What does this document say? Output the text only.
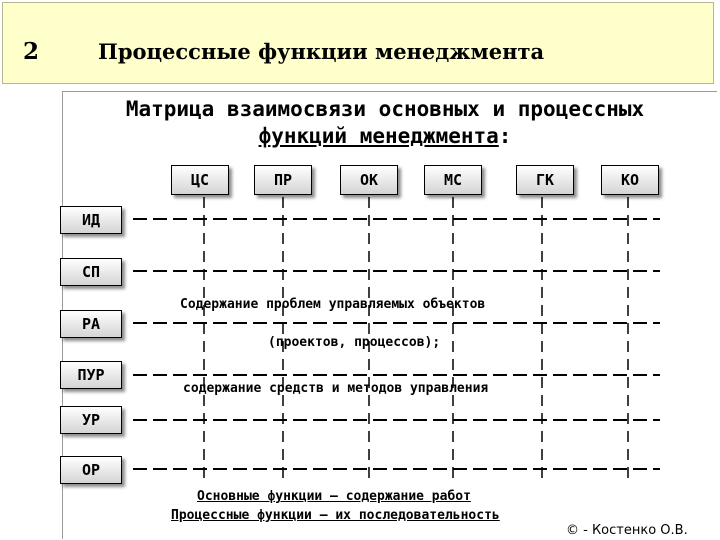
2	Процессные функции менеджмента
Матрица взаимосвязи основных и процессных
функций менеджмента:
ЦС	ПР	ОК	МС	ГК	КО
ИД
СП
РА
ПУР
УР
ОР
Содержание проблем управляемых объектов
(проектов, процессов);
содержание средств и методов управления
Основные функции – содержание работ
Процессные функции – их последовательность
© - Костенко О.В.
